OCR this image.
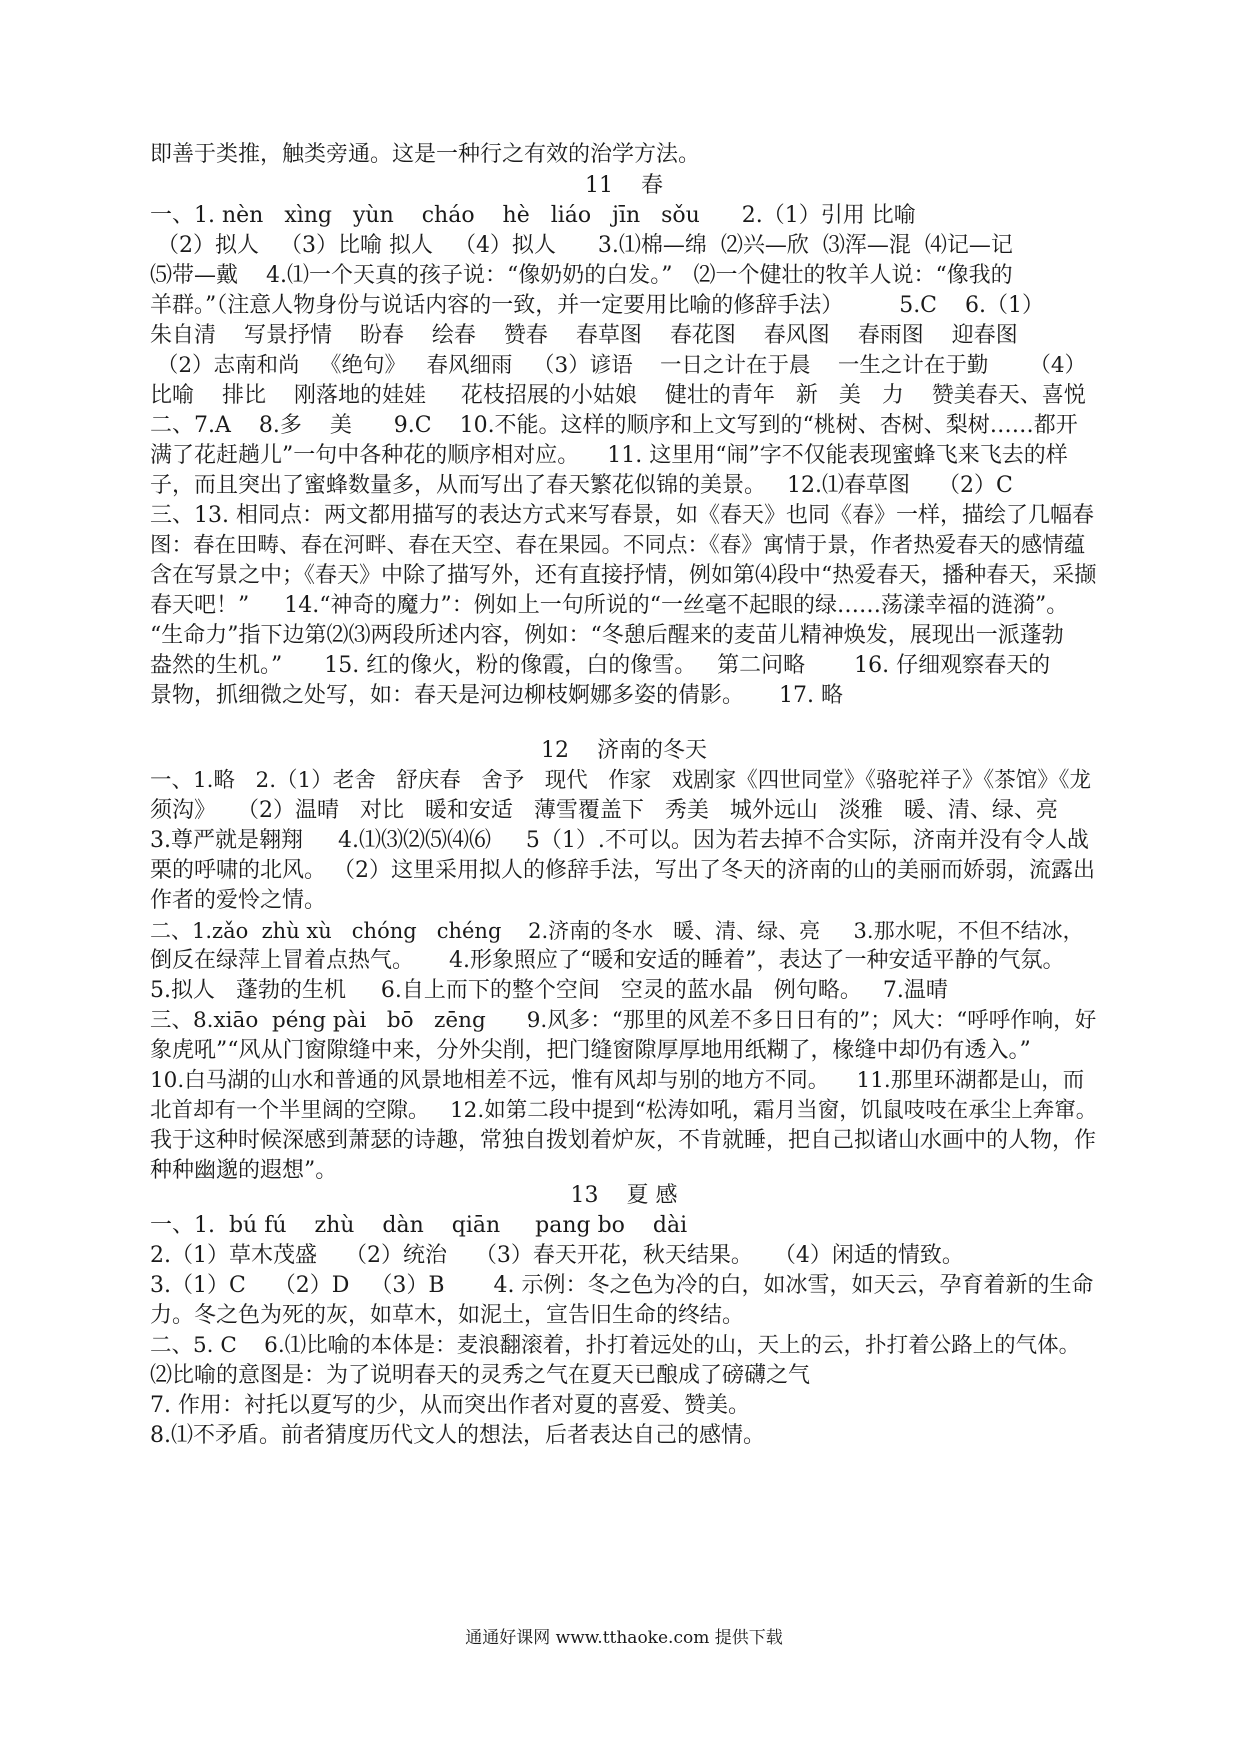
即善于类推，触类旁通。这是一种行之有效的治学方法。
11    春
一、1. nèn   xìng   yùn    cháo    hè   liáo   jīn   sǒu      2.（1）引用 比喻
（2）拟人   （3）比喻 拟人   （4）拟人      3.⑴棉—绵  ⑵兴—欣  ⑶浑—混  ⑷记—记
⑸带—戴    4.⑴一个天真的孩子说：“像奶奶的白发。”   ⑵一个健壮的牧羊人说：“像我的
羊群。”（注意人物身份与说话内容的一致，并一定要用比喻的修辞手法）        5.C    6.（1）
朱自清    写景抒情    盼春    绘春    赞春    春草图    春花图    春风图    春雨图    迎春图
（2）志南和尚   《绝句》   春风细雨   （3）谚语    一日之计在于晨    一生之计在于勤      （4）
比喻    排比    刚落地的娃娃     花枝招展的小姑娘    健壮的青年   新   美   力    赞美春天、喜悦
二、7.A    8.多    美      9.C    10.不能。这样的顺序和上文写到的“桃树、杏树、梨树……都开
满了花赶趟儿”一句中各种花的顺序相对应。    11. 这里用“闹”字不仅能表现蜜蜂飞来飞去的样
子，而且突出了蜜蜂数量多，从而写出了春天繁花似锦的美景。   12.⑴春草图    （2）C
三、13. 相同点：两文都用描写的表达方式来写春景，如《春天》也同《春》一样，描绘了几幅春
图：春在田畴、春在河畔、春在天空、春在果园。不同点：《春》寓情于景，作者热爱春天的感情蕴
含在写景之中；《春天》中除了描写外，还有直接抒情，例如第⑷段中“热爱春天，播种春天，采撷
春天吧！”     14.“神奇的魔力”：例如上一句所说的“一丝毫不起眼的绿……荡漾幸福的涟漪”。
“生命力”指下边第⑵⑶两段所述内容，例如：“冬憩后醒来的麦苗儿精神焕发，展现出一派蓬勃
盎然的生机。”      15. 红的像火，粉的像霞，白的像雪。   第二问略       16. 仔细观察春天的
景物，抓细微之处写，如：春天是河边柳枝婀娜多姿的倩影。     17. 略
12    济南的冬天
一、1.略   2.（1）老舍   舒庆春   舍予   现代   作家   戏剧家《四世同堂》《骆驼祥子》《茶馆》《龙
须沟》   （2）温晴   对比   暖和安适   薄雪覆盖下   秀美   城外远山   淡雅   暖、清、绿、亮
3.尊严就是翱翔     4.⑴⑶⑵⑸⑷⑹     5（1）.不可以。因为若去掉不合实际，济南并没有令人战
栗的呼啸的北风。 （2）这里采用拟人的修辞手法，写出了冬天的济南的山的美丽而娇弱，流露出
作者的爱怜之情。
二、1.zǎo  zhù xù   chóng   chéng    2.济南的冬水   暖、清、绿、亮     3.那水呢，不但不结冰，
倒反在绿萍上冒着点热气。     4.形象照应了“暖和安适的睡着”，表达了一种安适平静的气氛。
5.拟人   蓬勃的生机     6.自上而下的整个空间   空灵的蓝水晶   例句略。   7.温晴
三、8.xiāo  péng pài   bō   zēng      9.风多：“那里的风差不多日日有的”；风大：“呼呼作响，好
象虎吼”“风从门窗隙缝中来，分外尖削，把门缝窗隙厚厚地用纸糊了，椽缝中却仍有透入。”
10.白马湖的山水和普通的风景地相差不远，惟有风却与别的地方不同。    11.那里环湖都是山，而
北首却有一个半里阔的空隙。   12.如第二段中提到“松涛如吼，霜月当窗，饥鼠吱吱在承尘上奔窜。
我于这种时候深感到萧瑟的诗趣，常独自拨划着炉灰，不肯就睡，把自己拟诸山水画中的人物，作
种种幽邈的遐想”。
13    夏 感
一、1.  bú fú    zhù    dàn    qiān     pang bo    dài
2.（1）草木茂盛    （2）统治    （3）春天开花，秋天结果。   （4）闲适的情致。
3.（1）C    （2）D   （3）B       4. 示例：冬之色为冷的白，如冰雪，如天云，孕育着新的生命
力。冬之色为死的灰，如草木，如泥土，宣告旧生命的终结。
二、5. C    6.⑴比喻的本体是：麦浪翻滚着，扑打着远处的山，天上的云，扑打着公路上的气体。
⑵比喻的意图是：为了说明春天的灵秀之气在夏天已酿成了磅礴之气
7. 作用：衬托以夏写的少，从而突出作者对夏的喜爱、赞美。
8.⑴不矛盾。前者猜度历代文人的想法，后者表达自己的感情。
通通好课网 www.tthaoke.com 提供下载
